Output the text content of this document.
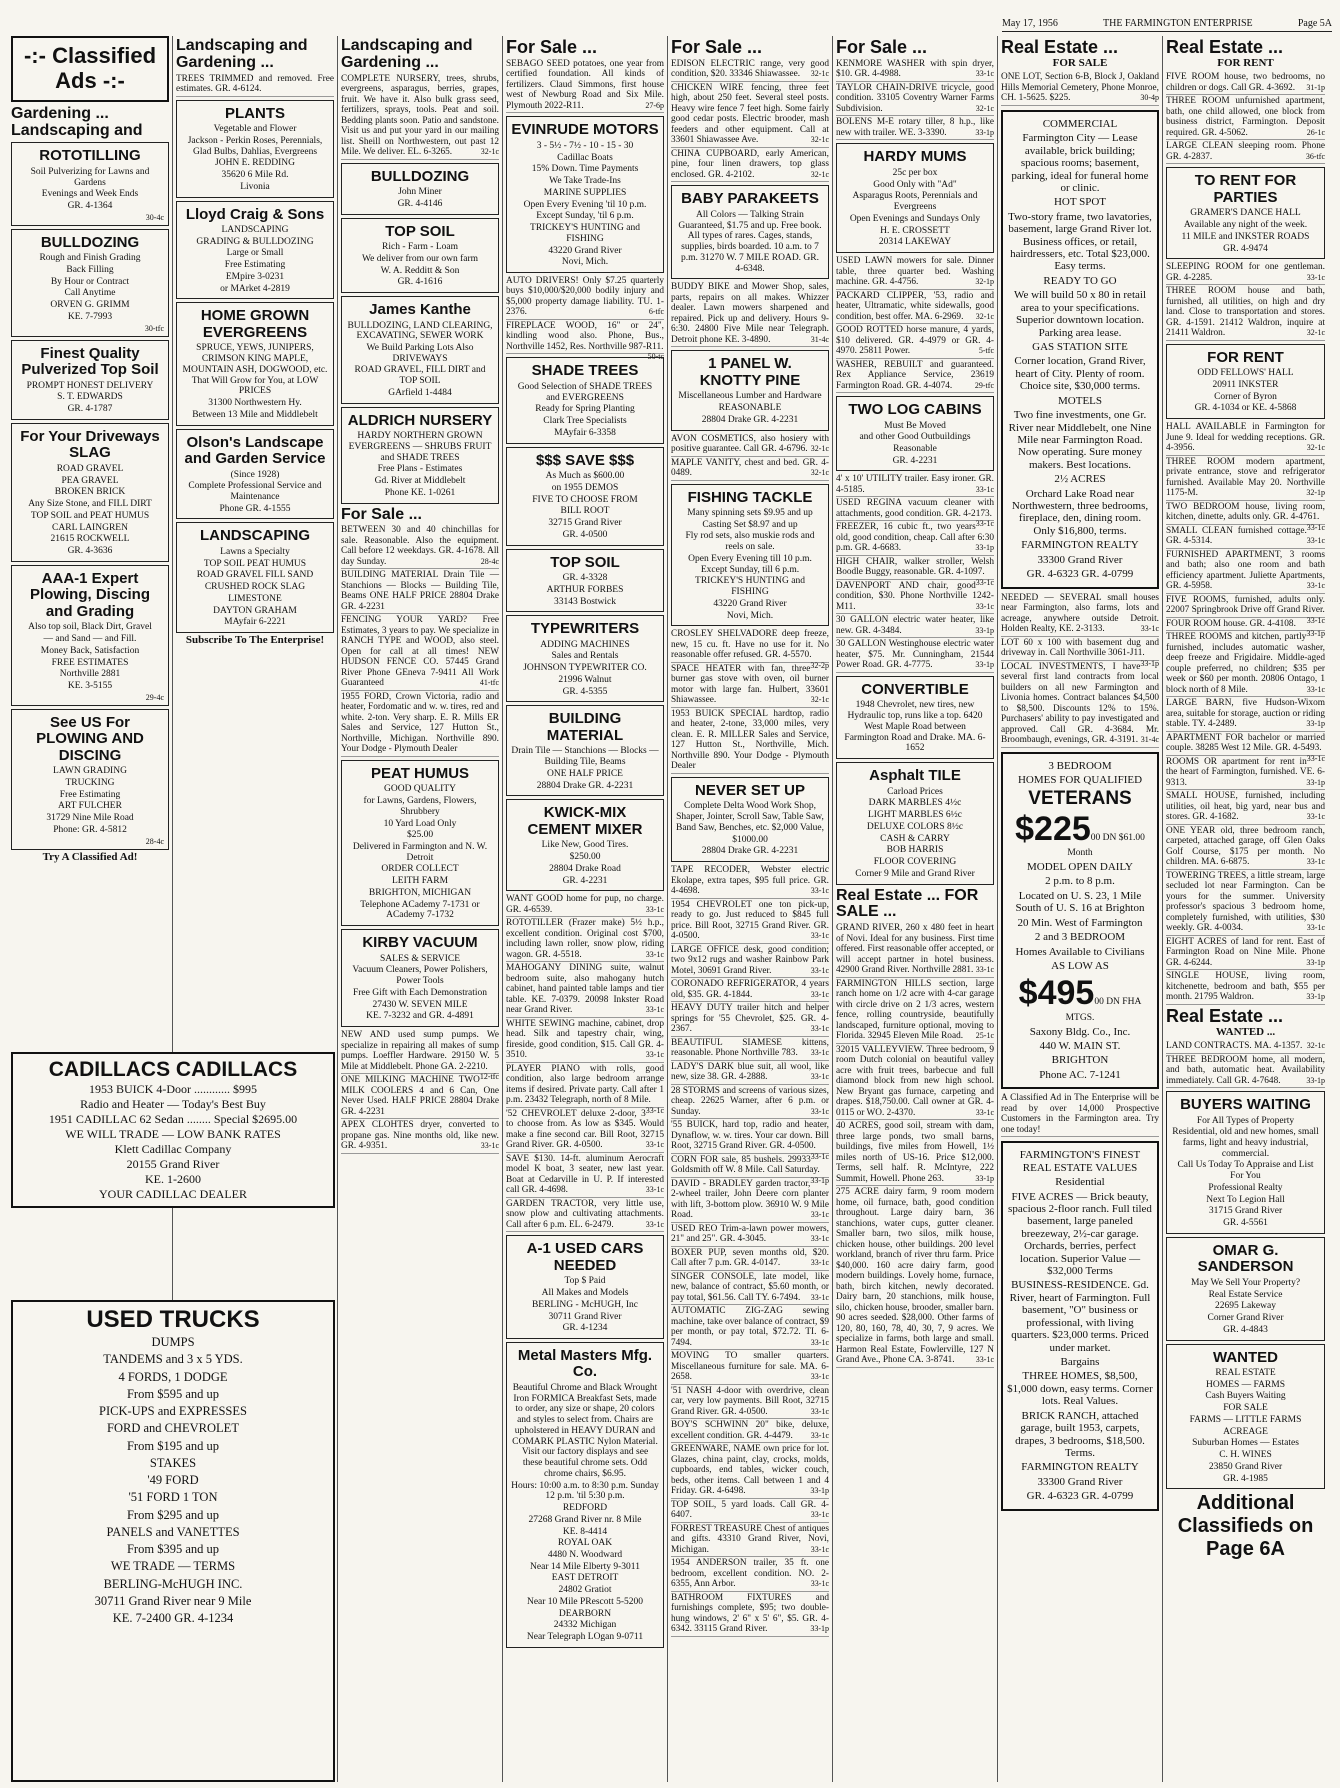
May 17, 1956	THE FARMINGTON ENTERPRISE	Page 5A
-:- Classified Ads -:-
Gardening ... Landscaping and
ROTOTILLING
Soil Pulverizing for Lawns and Gardens
Evenings and Week Ends
GR. 4-1364
30-4c
BULLDOZING
Rough and Finish Grading
Back Filling
By Hour or Contract
Call Anytime
ORVEN G. GRIMM
KE. 7-7993
30-tfc
Finest Quality Pulverized Top Soil
PROMPT HONEST DELIVERY
S. T. EDWARDS
GR. 4-1787
For Your Driveways SLAG
ROAD GRAVEL
PEA GRAVEL
BROKEN BRICK
Any Size Stone, and FILL DIRT
TOP SOIL and PEAT HUMUS
CARL LAINGREN
21615 ROCKWELL
GR. 4-3636
AAA-1 Expert Plowing, Discing and Grading
Also top soil, Black Dirt, Gravel
— and Sand — and Fill.
Money Back, Satisfaction
FREE ESTIMATES
Northville 2881
KE. 3-5155
29-4c
See US For PLOWING AND DISCING
LAWN GRADING
TRUCKING
Free Estimating
ART FULCHER
31729 Nine Mile Road
Phone: GR. 4-5812
28-4c
Try A Classified Ad!
Landscaping and Gardening ...
TREES TRIMMED and removed. Free estimates. GR. 4-6124.
PLANTS
Vegetable and Flower
Jackson - Perkin Roses, Perennials, Glad Bulbs, Dahlias, Evergreens
JOHN E. REDDING
35620 6 Mile Rd.
Livonia
Lloyd Craig & Sons
LANDSCAPING
GRADING & BULLDOZING
Large or Small
Free Estimating
EMpire 3-0231
or MArket 4-2819
HOME GROWN EVERGREENS
SPRUCE, YEWS, JUNIPERS, CRIMSON KING MAPLE, MOUNTAIN ASH, DOGWOOD, etc. That Will Grow for You, at LOW PRICES
31300 Northwestern Hy.
Between 13 Mile and Middlebelt
Olson's Landscape and Garden Service
(Since 1928)
Complete Professional Service and Maintenance
Phone GR. 4-1555
LANDSCAPING
Lawns a Specialty
TOP SOIL PEAT HUMUS
ROAD GRAVEL FILL SAND
CRUSHED ROCK SLAG
LIMESTONE
DAYTON GRAHAM
MAyfair 6-2221
Subscribe To The Enterprise!
Landscaping and Gardening ...
COMPLETE NURSERY, trees, shrubs, evergreens, asparagus, berries, grapes, fruit. We have it. Also bulk grass seed, fertilizers, sprays, tools. Peat and soil. Bedding plants soon. Patio and sandstone. Visit us and put your yard in our mailing list. Sheill on Northwestern, out past 12 Mile. We deliver. EL. 6-3265.	32-1c
BULLDOZING
John Miner
GR. 4-4146
TOP SOIL
Rich - Farm - Loam
We deliver from our own farm
W. A. Redditt & Son
GR. 4-1616
James Kanthe
BULLDOZING, LAND CLEARING, EXCAVATING, SEWER WORK
We Build Parking Lots Also DRIVEWAYS
ROAD GRAVEL, FILL DIRT and TOP SOIL
GArfield 1-4484
ALDRICH NURSERY
HARDY NORTHERN GROWN EVERGREENS — SHRUBS FRUIT and SHADE TREES
Free Plans - Estimates
Gd. River at Middlebelt
Phone KE. 1-0261
For Sale ...
BETWEEN 30 and 40 chinchillas for sale. Reasonable. Also the equipment. Call before 12 weekdays. GR. 4-1678. All day Sunday.	28-4c
BUILDING MATERIAL Drain Tile — Stanchions — Blocks — Building Tile, Beams ONE HALF PRICE 28804 Drake GR. 4-2231
FENCING YOUR YARD? Free Estimates, 3 years to pay. We specialize in RANCH TYPE and WOOD, also steel. Open for call at all times! NEW HUDSON FENCE CO. 57445 Grand River Phone GEneva 7-9411 All Work Guaranteed	41-tfc
1955 FORD, Crown Victoria, radio and heater, Fordomatic and w. w. tires, red and white. 2-ton. Very sharp. E. R. Mills ER Sales and Service, 127 Hutton St., Northville, Michigan. Northville 890. Your Dodge - Plymouth Dealer
PEAT HUMUS
GOOD QUALITY
for Lawns, Gardens, Flowers, Shrubbery
10 Yard Load Only
$25.00
Delivered in Farmington and N. W. Detroit
ORDER COLLECT
LEITH FARM
BRIGHTON, MICHIGAN
Telephone ACademy 7-1731 or ACademy 7-1732
KIRBY VACUUM
SALES & SERVICE
Vacuum Cleaners, Power Polishers, Power Tools
Free Gift with Each Demonstration
27430 W. SEVEN MILE
KE. 7-3232 and GR. 4-4891
NEW AND used sump pumps. We specialize in repairing all makes of sump pumps. Loeffler Hardware. 29150 W. 5 Mile at Middlebelt. Phone GA. 2-2210.
12-tfc
ONE MILKING MACHINE TWO MILK COOLERS 4 and 6 Can, One Never Used. HALF PRICE 28804 Drake GR. 4-2231
APEX CLOHTES dryer, converted to propane gas. Nine months old, like new. GR. 4-9351.	33-1c
For Sale ...
SEBAGO SEED potatoes, one year from certified foundation. All kinds of fertilizers. Claud Simmons, first house west of Newburg Road and Six Mile. Plymouth 2022-R11.	27-6p
EVINRUDE MOTORS
3 - 5½ - 7½ - 10 - 15 - 30
Cadillac Boats
15% Down. Time Payments
We Take Trade-Ins
MARINE SUPPLIES
Open Every Evening 'til 10 p.m.
Except Sunday, 'til 6 p.m.
TRICKEY'S HUNTING and FISHING
43220 Grand River
Novi, Mich.
AUTO DRIVERS! Only $7.25 quarterly buys $10,000/$20,000 bodily injury and $5,000 property damage liability. TU. 1-2376.	6-tfc
FIREPLACE WOOD, 16" or 24", kindling wood also. Phone, Bus., Northville 1452, Res. Northville 987-R11.
50-tc
SHADE TREES
Good Selection of SHADE TREES and EVERGREENS
Ready for Spring Planting
Clark Tree Specialists
MAyfair 6-3358
$$$ SAVE $$$
As Much as $600.00
on 1955 DEMOS
FIVE TO CHOOSE FROM
BILL ROOT
32715 Grand River
GR. 4-0500
TOP SOIL
GR. 4-3328
ARTHUR FORBES
33143 Bostwick
TYPEWRITERS
ADDING MACHINES
Sales and Rentals
JOHNSON TYPEWRITER CO.
21996 Walnut
GR. 4-5355
BUILDING MATERIAL
Drain Tile — Stanchions — Blocks — Building Tile, Beams
ONE HALF PRICE
28804 Drake GR. 4-2231
KWICK-MIX CEMENT MIXER
Like New, Good Tires.
$250.00
28804 Drake Road
GR. 4-2231
WANT GOOD home for pup, no charge. GR. 4-6539.	33-1c
ROTOTILLER (Frazer make) 5½ h.p., excellent condition. Original cost $700, including lawn roller, snow plow, riding wagon. GR. 4-5518.	33-1c
MAHOGANY DINING suite, walnut bedroom suite, also mahogany hutch cabinet, hand painted table lamps and tier table. KE. 7-0379. 20098 Inkster Road near Grand River.	33-1c
WHITE SEWING machine, cabinet, drop head. Silk and tapestry chair, wing, fireside, good condition, $15. Call GR. 4-3510.	33-1c
PLAYER PIANO with rolls, good condition, also large bedroom arrange items if desired. Private party. Call after 1 p.m. 23432 Telegraph, north of 8 Mile.
33-1c
'52 CHEVROLET deluxe 2-door, 3 to choose from. As low as $345. Would make a fine second car. Bill Root, 32715 Grand River. GR. 4-0500.	33-1c
SAVE $130. 14-ft. aluminum Aerocraft model K boat, 3 seater, new last year. Boat at Cedarville in U. P. If interested call GR. 4-4698.	33-1c
GARDEN TRACTOR, very little use, snow plow and cultivating attachments. Call after 6 p.m. EL. 6-2479.	33-1c
A-1 USED CARS NEEDED
Top $ Paid
All Makes and Models
BERLING - McHUGH, Inc
30711 Grand River
GR. 4-1234
Metal Masters Mfg. Co.
Beautiful Chrome and Black Wrought Iron FORMICA Breakfast Sets, made to order, any size or shape, 20 colors and styles to select from. Chairs are upholstered in HEAVY DURAN and COMARK PLASTIC Nylon Material. Visit our factory displays and see these beautiful chrome sets. Odd chrome chairs, $6.95.
Hours: 10:00 a.m. to 8:30 p.m. Sunday 12 p.m. 'til 5:30 p.m.
REDFORD
27268 Grand River nr. 8 Mile
KE. 8-4414
ROYAL OAK
4480 N. Woodward
Near 14 Mile Elberty 9-3011
EAST DETROIT
24802 Gratiot
Near 10 Mile PRescott 5-5200
DEARBORN
24332 Michigan
Near Telegraph LOgan 9-0711
For Sale ...
EDISON ELECTRIC range, very good condition, $20. 33346 Shiawassee. 32-1c
CHICKEN WIRE fencing, three feet high, about 250 feet. Several steel posts. Heavy wire fence 7 feet high. Some fairly good cedar posts. Electric brooder, mash feeders and other equipment. Call at 33601 Shiawassee Ave.	32-1c
CHINA CUPBOARD, early American, pine, four linen drawers, top glass enclosed. GR. 4-2102.	32-1c
BABY PARAKEETS
All Colors — Talking Strain Guaranteed, $1.75 and up. Free book. All types of rares. Cages, stands, supplies, birds boarded. 10 a.m. to 7 p.m. 31270 W. 7 MILE ROAD. GR. 4-6348.
BUDDY BIKE and Mower Shop, sales, parts, repairs on all makes. Whizzer dealer. Lawn mowers sharpened and repaired. Pick up and delivery. Hours 9-6:30. 24800 Five Mile near Telegraph. Detroit phone KE. 3-4890.	31-4c
1 PANEL W. KNOTTY PINE
Miscellaneous Lumber and Hardware
REASONABLE
28804 Drake GR. 4-2231
AVON COSMETICS, also hosiery with positive guarantee. Call GR. 4-6796. 32-1c
MAPLE VANITY, chest and bed. GR. 4-0489.	32-1c
FISHING TACKLE
Many spinning sets $9.95 and up
Casting Set $8.97 and up
Fly rod sets, also muskie rods and reels on sale.
Open Every Evening till 10 p.m. Except Sunday, till 6 p.m.
TRICKEY'S HUNTING and FISHING
43220 Grand River
Novi, Mich.
CROSLEY SHELVADORE deep freeze, new, 15 cu. ft. Have no use for it. No reasonable offer refused. GR. 4-5570.
32-2p
SPACE HEATER with fan, three burner gas stove with oven, oil burner motor with large fan. Hulbert, 33601 Shiawassee.	32-1c
1953 BUICK SPECIAL hardtop, radio and heater, 2-tone, 33,000 miles, very clean. E. R. MILLER Sales and Service, 127 Hutton St., Northville, Mich. Northville 890. Your Dodge - Plymouth Dealer
NEVER SET UP
Complete Delta Wood Work Shop, Shaper, Jointer, Scroll Saw, Table Saw, Band Saw, Benches, etc. $2,000 Value,
$1000.00
28804 Drake GR. 4-2231
TAPE RECODER, Webster electric Ekolape, extra tapes, $95 full price. GR. 4-4698.	33-1c
1954 CHEVROLET one ton pick-up, ready to go. Just reduced to $845 full price. Bill Root, 32715 Grand River. GR. 4-0500.	33-1c
LARGE OFFICE desk, good condition; two 9x12 rugs and washer Rainbow Park Motel, 30691 Grand River.	33-1c
CORONADO REFRIGERATOR, 4 years old, $35. GR. 4-1844.	33-1c
HEAVY DUTY trailer hitch and helper springs for '55 Chevrolet, $25. GR. 4-2367.	33-1c
BEAUTIFUL SIAMESE kittens, reasonable. Phone Northville 783. 33-1c
LADY'S DARK blue suit, all wool, like new, size 38. GR. 4-2888.	33-1c
28 STORMS and screens of various sizes, cheap. 22625 Warner, after 6 p.m. or Sunday.	33-1c
'55 BUICK, hard top, radio and heater, Dynaflow, w. w. tires. Your car down. Bill Root, 32715 Grand River. GR. 4-0500.
33-1c
CORN FOR sale, 85 bushels. 29933 Goldsmith off W. 8 Mile. Call Saturday.
33-1p
DAVID - BRADLEY garden tractor, 2-wheel trailer, John Deere corn planter with lift, 3-bottom plow. 36910 W. 9 Mile Road.	33-1c
USED REO Trim-a-lawn power mowers, 21" and 25". GR. 4-3045.	33-1c
BOXER PUP, seven months old, $20. Call after 7 p.m. GR. 4-0147.	33-1c
SINGER CONSOLE, late model, like new, balance of contract, $5.60 month, or pay total, $61.56. Call TY. 6-7494. 33-1c
AUTOMATIC ZIG-ZAG sewing machine, take over balance of contract, $9 per month, or pay total, $72.72. TI. 6-7494.	33-1c
MOVING TO smaller quarters. Miscellaneous furniture for sale. MA. 6-2658.	33-1c
'51 NASH 4-door with overdrive, clean car, very low payments. Bill Root, 32715 Grand River. GR. 4-0500.	33-1c
BOY'S SCHWINN 20" bike, deluxe, excellent condition. GR. 4-4479. 33-1c
GREENWARE, NAME own price for lot. Glazes, china paint, clay, crocks, molds, cupboards, end tables, wicker couch, beds, other items. Call between 1 and 4 Friday. GR. 4-6498.	33-1p
TOP SOIL, 5 yard loads. Call GR. 4-6407.	33-1c
FORREST TREASURE Chest of antiques and gifts. 43310 Grand River, Novi, Michigan.	33-1c
1954 ANDERSON trailer, 35 ft. one bedroom, excellent condition. NO. 2-6355, Ann Arbor.	33-1c
BATHROOM FIXTURES and furnishings complete, $95; two double-hung windows, 2' 6" x 5' 6", $5. GR. 4-6342. 33115 Grand River.	33-1p
For Sale ...
KENMORE WASHER with spin dryer, $10. GR. 4-4988.	33-1c
TAYLOR CHAIN-DRIVE tricycle, good condition. 33105 Coventry Warner Farms Subdivision.	32-1c
BOLENS M-E rotary tiller, 8 h.p., like new with trailer. WE. 3-3390.	33-1p
HARDY MUMS
25c per box
Good Only with "Ad"
Asparagus Roots, Perennials and Evergreens
Open Evenings and Sundays Only
H. E. CROSSETT
20314 LAKEWAY
USED LAWN mowers for sale. Dinner table, three quarter bed. Washing machine. GR. 4-4756.	32-1p
PACKARD CLIPPER, '53, radio and heater, Ultramatic, white sidewalls, good condition, best offer. MA. 6-2969. 32-1c
GOOD ROTTED horse manure, 4 yards, $10 delivered. GR. 4-4979 or GR. 4-4970. 25811 Power.	5-tfc
WASHER, REBUILT and guaranteed. Rex Appliance Service, 23619 Farmington Road. GR. 4-4074.	29-tfc
TWO LOG CABINS
Must Be Moved
and other Good Outbuildings
Reasonable
GR. 4-2231
4' x 10' UTILITY trailer. Easy ironer. GR. 4-5185.	33-1c
USED REGINA vacuum cleaner with attachments, good condition. GR. 4-2173.
33-1c
FREEZER, 16 cubic ft., two years old, good condition, cheap. Call after 6:30 p.m. GR. 4-6683.	33-1p
HIGH CHAIR, walker stroller, Welsh Boodle Buggy, reasonable. GR. 4-1097.
33-1c
DAVENPORT AND chair, good condition, $30. Phone Northville 1242-M11.	33-1c
30 GALLON electric water heater, like new. GR. 4-3484.	33-1p
30 GALLON Westinghouse electric water heater, $75. Mr. Cunningham, 21544 Power Road. GR. 4-7775.	33-1p
CONVERTIBLE
1948 Chevrolet, new tires, new Hydraulic top, runs like a top. 6420 West Maple Road between Farmington Road and Drake. MA. 6-1652
Asphalt TILE
Carload Prices
DARK MARBLES 4½c
LIGHT MARBLES 6½c
DELUXE COLORS 8½c
CASH & CARRY
BOB HARRIS
FLOOR COVERING
Corner 9 Mile and Grand River
Real Estate ... FOR SALE ...
GRAND RIVER, 260 x 480 feet in heart of Novi. Ideal for any business. First time offered. First reasonable offer accepted, or will accept partner in hotel business. 42900 Grand River. Northville 2881. 33-1c
FARMINGTON HILLS section, large ranch home on 1/2 acre with 4-car garage with circle drive on 2 1/3 acres, western fence, rolling countryside, beautifully landscaped, furniture optional, moving to Florida. 32945 Eleven Mile Road. 25-1c
32015 VALLEYVIEW. Three bedroom, 9 room Dutch colonial on beautiful valley acre with fruit trees, barbecue and full diamond block from new high school. New Bryant gas furnace, carpeting and drapes. $18,750.00. Call owner at GR. 4-0115 or WO. 2-4370.	33-1c
40 ACRES, good soil, stream with dam, three large ponds, two small barns, buildings, five miles from Howell, 1½ miles north of US-16. Price $12,000. Terms, sell half. R. McIntyre, 222 Summit, Howell. Phone 263.	33-1p
275 ACRE dairy farm, 9 room modern home, oil furnace, bath, good condition throughout. Large dairy barn, 36 stanchions, water cups, gutter cleaner. Smaller barn, two silos, milk house, chicken house, other buildings. 200 level workland, branch of river thru farm. Price $40,000. 160 acre dairy farm, good modern buildings. Lovely home, furnace, bath, birch kitchen, newly decorated. Dairy barn, 20 stanchions, milk house, silo, chicken house, brooder, smaller barn. 90 acres seeded. $28,000. Other farms of 120, 80, 160, 78, 40, 30, 7, 9 acres. We specialize in farms, both large and small. Harmon Real Estate, Fowlerville, 127 N Grand Ave., Phone CA. 3-8741.	33-1c
Real Estate ...
FOR SALE
ONE LOT, Section 6-B, Block J, Oakland Hills Memorial Cemetery, Phone Monroe, CH. 1-5625. $225.	30-4p
COMMERCIAL
Farmington City — Lease available, brick building; spacious rooms; basement, parking, ideal for funeral home or clinic.
HOT SPOT
Two-story frame, two lavatories, basement, large Grand River lot. Business offices, or retail, hairdressers, etc. Total $23,000. Easy terms.
READY TO GO
We will build 50 x 80 in retail area to your specifications. Superior downtown location. Parking area lease.
GAS STATION SITE
Corner location, Grand River, heart of City. Plenty of room. Choice site, $30,000 terms.
MOTELS
Two fine investments, one Gr. River near Middlebelt, one Nine Mile near Farmington Road. Now operating. Sure money makers. Best locations.
2½ ACRES
Orchard Lake Road near Northwestern, three bedrooms, fireplace, den, dining room. Only $16,800, terms.
FARMINGTON REALTY
33300 Grand River
GR. 4-6323 GR. 4-0799
NEEDED — SEVERAL small houses near Farmington, also farms, lots and acreage, anywhere outside Detroit. Holden Realty, KE. 2-3133.	33-1c
LOT 60 x 100 with basement dug and driveway in. Call Northville 3061-J11.
33-1p
LOCAL INVESTMENTS, I have several first land contracts from local builders on all new Farmington and Livonia homes. Contract balances $4,500 to $8,500. Discounts 12% to 15%. Purchasers' ability to pay investigated and approved. Call GR. 4-3684. Mr. Broombaugh, evenings, GR. 4-3191. 31-4c
3 BEDROOM
HOMES FOR QUALIFIED
VETERANS
$22500 DN $61.00 Month
MODEL OPEN DAILY
2 p.m. to 8 p.m.
Located on U. S. 23, 1 Mile South of U. S. 16 at Brighton
20 Min. West of Farmington
2 and 3 BEDROOM
Homes Available to Civilians
AS LOW AS
$49500 DN FHA MTGS.
Saxony Bldg. Co., Inc.
440 W. MAIN ST.
BRIGHTON
Phone AC. 7-1241
A Classified Ad in The Enterprise will be read by over 14,000 Prospective Customers in the Farmington area. Try one today!
FARMINGTON'S FINEST REAL ESTATE VALUES
Residential
FIVE ACRES — Brick beauty, spacious 2-floor ranch. Full tiled basement, large paneled breezeway, 2½-car garage. Orchards, berries, perfect location. Superior Value — $32,000 Terms
BUSINESS-RESIDENCE. Gd. River, heart of Farmington. Full basement, "O" business or professional, with living quarters. $23,000 terms. Priced under market.
Bargains
THREE HOMES, $8,500, $1,000 down, easy terms. Corner lots. Real Values.
BRICK RANCH, attached garage, built 1953, carpets, drapes, 3 bedrooms, $18,500. Terms.
FARMINGTON REALTY
33300 Grand River
GR. 4-6323 GR. 4-0799
Real Estate ...
FOR RENT
FIVE ROOM house, two bedrooms, no children or dogs. Call GR. 4-3692. 31-1p
THREE ROOM unfurnished apartment, bath, one child allowed, one block from business district, Farmington. Deposit required. GR. 4-5062.	26-1c
LARGE CLEAN sleeping room. Phone GR. 4-2837.	36-tfc
TO RENT FOR PARTIES
GRAMER'S DANCE HALL
Available any night of the week.
11 MILE and INKSTER ROADS
GR. 4-9474
SLEEPING ROOM for one gentleman. GR. 4-2285.	33-1c
THREE ROOM house and bath, furnished, all utilities, on high and dry land. Close to transportation and stores. GR. 4-1591. 21412 Waldron, inquire at 21411 Waldron.	32-1c
FOR RENT
ODD FELLOWS' HALL
20911 INKSTER
Corner of Byron
GR. 4-1034 or KE. 4-5868
HALL AVAILABLE in Farmington for June 9. Ideal for wedding receptions. GR. 4-3956.	32-1c
THREE ROOM modern apartment, private entrance, stove and refrigerator furnished. Available May 20. Northville 1175-M.	32-1p
TWO BEDROOM house, living room, kitchen, dinette, adults only. GR. 4-4761.
33-1c
SMALL CLEAN furnished cottage. GR. 4-5314.	33-1c
FURNISHED APARTMENT, 3 rooms and bath; also one room and bath efficiency apartment. Juliette Apartments, GR. 4-5958.	33-1c
FIVE ROOMS, furnished, adults only. 22007 Springbrook Drive off Grand River.
33-1c
FOUR ROOM house. GR. 4-4108.
33-1p
THREE ROOMS and kitchen, partly furnished, includes automatic washer, deep freeze and Frigidaire. Middle-aged couple preferred, no children; $35 per week or $60 per month. 20806 Ontago, 1 block north of 8 Mile.	33-1c
LARGE BARN, five Hudson-Wixom area, suitable for storage, auction or riding stable. TY. 4-2489.	33-1p
APARTMENT FOR bachelor or married couple. 38285 West 12 Mile. GR. 4-5493.
33-1c
ROOMS OR apartment for rent in the heart of Farmington, furnished. VE. 6-9313.	33-1p
SMALL HOUSE, furnished, including utilities, oil heat, big yard, near bus and stores. GR. 4-1682.	33-1c
ONE YEAR old, three bedroom ranch, carpeted, attached garage, off Glen Oaks Golf Course, $175 per month. No children. MA. 6-6875.	33-1c
TOWERING TREES, a little stream, large secluded lot near Farmington. Can be yours for the summer. University professor's spacious 3 bedroom home, completely furnished, with utilities, $30 weekly. GR. 4-0034.	33-1c
EIGHT ACRES of land for rent. East of Farmington Road on Nine Mile. Phone GR. 4-6244.	33-1p
SINGLE HOUSE, living room, kitchenette, bedroom and bath, $55 per month. 21795 Waldron.	33-1p
Real Estate ...
WANTED ...
LAND CONTRACTS. MA. 4-1357. 32-1c
THREE BEDROOM home, all modern, and bath, automatic heat. Availability immediately. Call GR. 4-7648.	33-1p
BUYERS WAITING
For All Types of Property
Residential, old and new homes, small farms, light and heavy industrial, commercial.
Call Us Today To Appraise and List For You
Professional Realty
Next To Legion Hall
31715 Grand River
GR. 4-5561
OMAR G. SANDERSON
May We Sell Your Property?
Real Estate Service
22695 Lakeway
Corner Grand River
GR. 4-4843
WANTED
REAL ESTATE
HOMES — FARMS
Cash Buyers Waiting
FOR SALE
FARMS — LITTLE FARMS
ACREAGE
Suburban Homes — Estates
C. H. WINES
23850 Grand River
GR. 4-1985
Additional Classifieds on Page 6A
CADILLACS CADILLACS
1953 BUICK 4-Door ............ $995
Radio and Heater — Today's Best Buy
1951 CADILLAC 62 Sedan ........ Special $2695.00
WE WILL TRADE — LOW BANK RATES
Klett Cadillac Company
20155 Grand River
KE. 1-2600
YOUR CADILLAC DEALER
USED TRUCKS
DUMPS
TANDEMS and 3 x 5 YDS.
4 FORDS, 1 DODGE
From $595 and up
PICK-UPS and EXPRESSES
FORD and CHEVROLET
From $195 and up
STAKES
'49 FORD
'51 FORD 1 TON
From $295 and up
PANELS and VANETTES
From $395 and up
WE TRADE — TERMS
BERLING-McHUGH INC.
30711 Grand River near 9 Mile
KE. 7-2400 GR. 4-1234
